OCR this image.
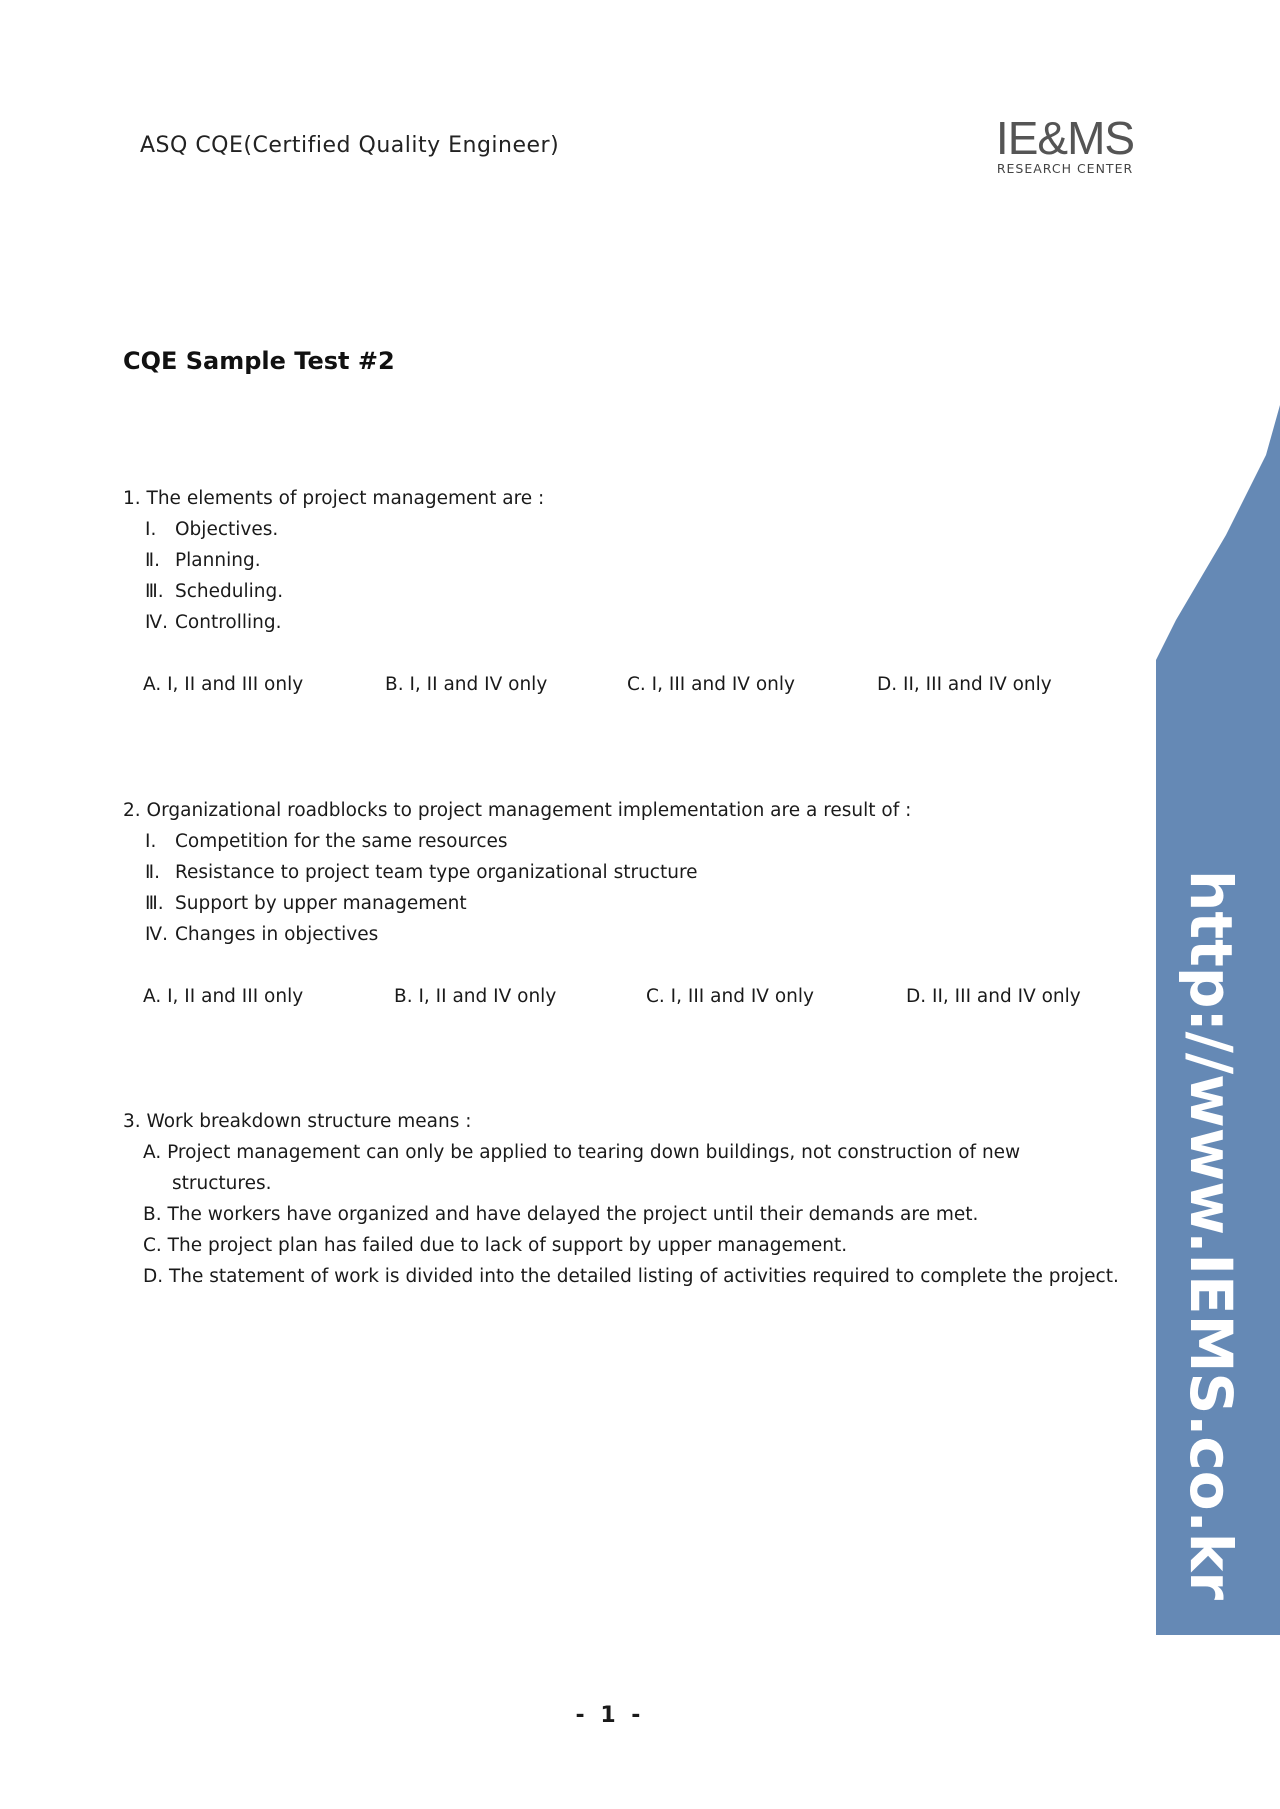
ASQ CQE(Certified Quality Engineer)	IE&MS
RESEARCH CENTER
CQE Sample Test #2
1. The elements of project management are :
Ⅰ. Objectives.
Ⅱ. Planning.
Ⅲ. Scheduling.
Ⅳ. Controlling.
A. I, II and III only	B. I, II and IV only	C. I, III and IV only	D. II, III and IV only
2. Organizational roadblocks to project management implementation are a result of :
Ⅰ. Competition for the same resources
Ⅱ. Resistance to project team type organizational structure
Ⅲ. Support by upper management
Ⅳ. Changes in objectives
A. I, II and III only	B. I, II and IV only	C. I, III and IV only	D. II, III and IV only
3. Work breakdown structure means :
A. Project management can only be applied to tearing down buildings, not construction of new structures.
B. The workers have organized and have delayed the project until their demands are met.
C. The project plan has failed due to lack of support by upper management.
D. The statement of work is divided into the detailed listing of activities required to complete the project. http://www.IEMS.co.kr
- 1 -
